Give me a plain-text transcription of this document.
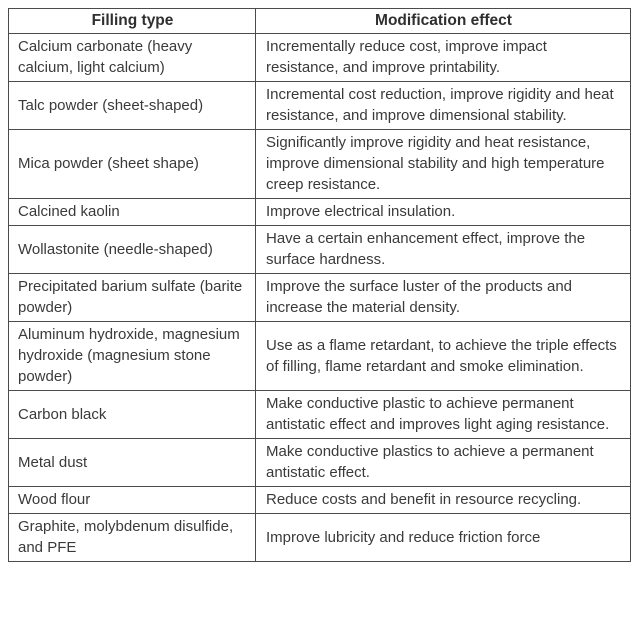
Filling type	Modification effect
Calcium carbonate (heavy calcium, light calcium)	Incrementally reduce cost, improve impact resistance, and improve printability.
Talc powder (sheet-shaped)	Incremental cost reduction, improve rigidity and heat resistance, and improve dimensional stability.
Mica powder (sheet shape)	Significantly improve rigidity and heat resistance, improve dimensional stability and high temperature creep resistance.
Calcined kaolin	Improve electrical insulation.
Wollastonite (needle-shaped)	Have a certain enhancement effect, improve the surface hardness.
Precipitated barium sulfate (barite powder)	Improve the surface luster of the products and increase the material density.
Aluminum hydroxide, magnesium hydroxide (magnesium stone powder)	Use as a flame retardant, to achieve the triple effects of filling, flame retardant and smoke elimination.
Carbon black	Make conductive plastic to achieve permanent antistatic effect and improves light aging resistance.
Metal dust	Make conductive plastics to achieve a permanent antistatic effect.
Wood flour	Reduce costs and benefit in resource recycling.
Graphite, molybdenum disulfide, and PFE	Improve lubricity and reduce friction force
